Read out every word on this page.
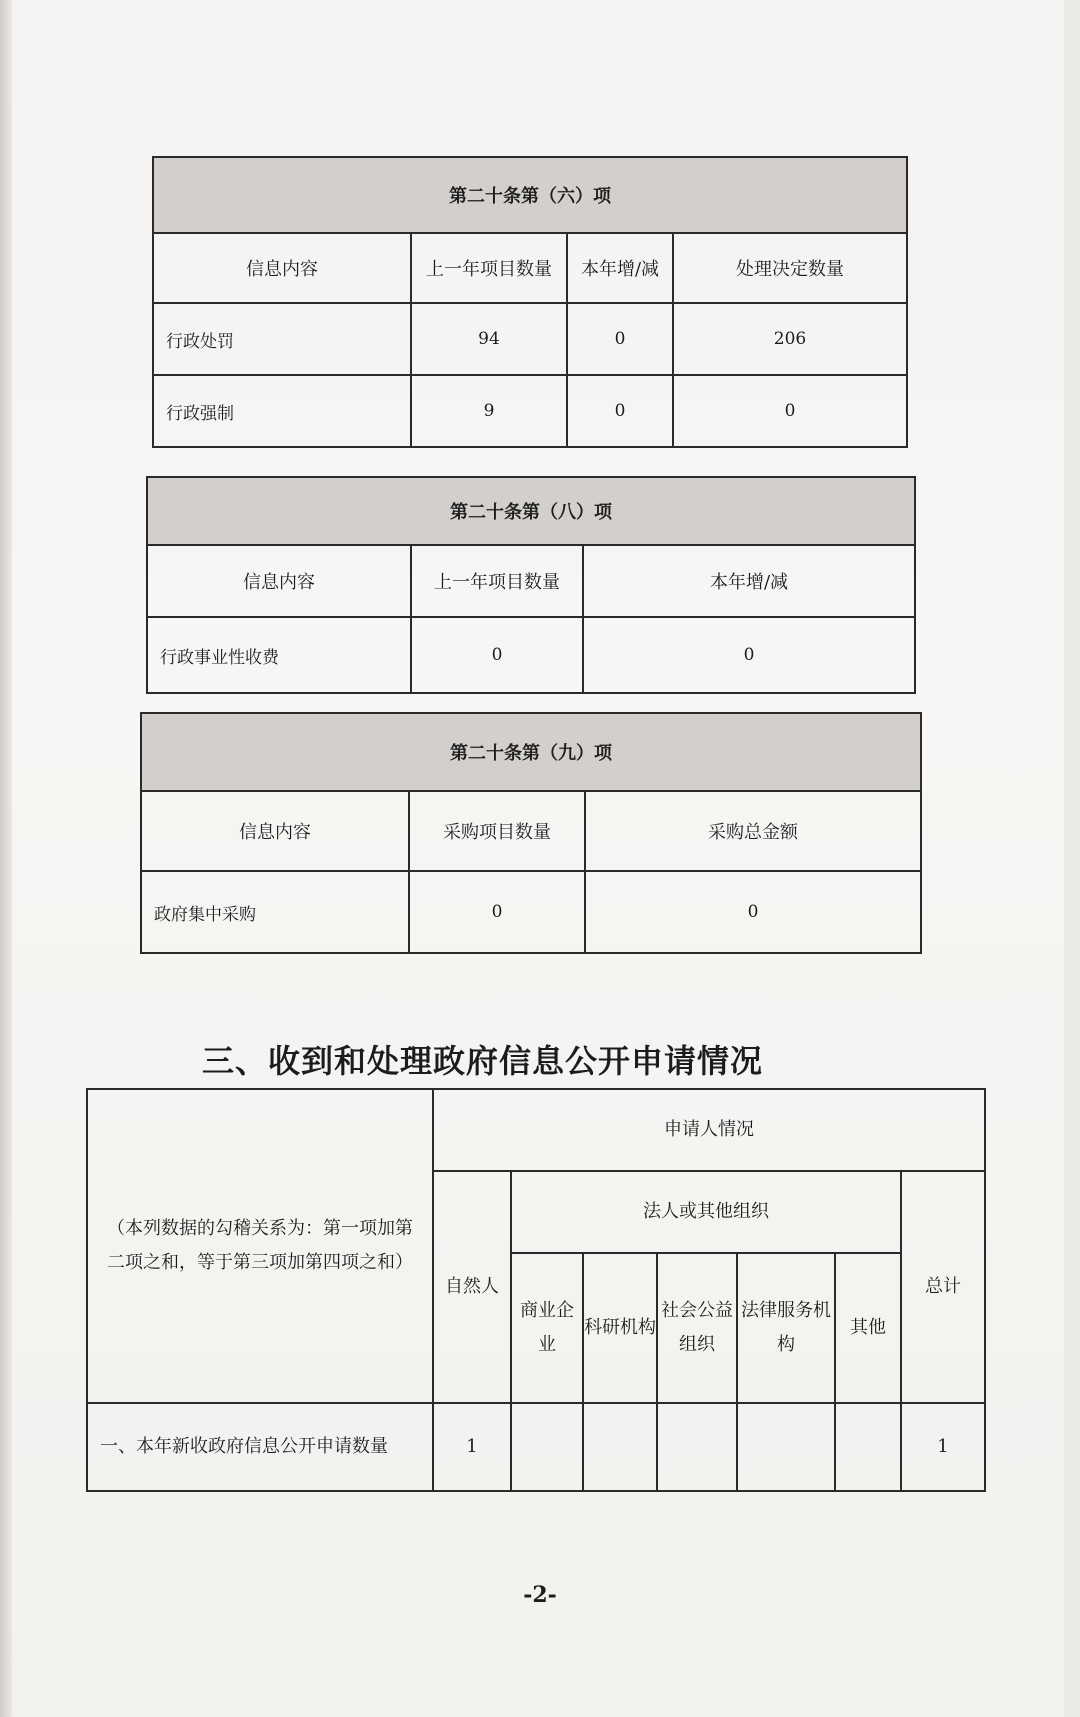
第二十条第（六）项			
信息内容	上一年项目数量	本年增/减	处理决定数量
行政处罚	94	0	206
行政强制	9	0	0
第二十条第（八）项		
信息内容	上一年项目数量	本年增/减
行政事业性收费	0	0
第二十条第（九）项		
信息内容	采购项目数量	采购总金额
政府集中采购	0	0
三、收到和处理政府信息公开申请情况
（本列数据的勾稽关系为：第一项加第二项之和，等于第三项加第四项之和）	申请人情况						
	自然人	法人或其他组织					总计
		商业企业	科研机构	社会公益组织	法律服务机构	其他	
一、本年新收政府信息公开申请数量	1						1
-2-
